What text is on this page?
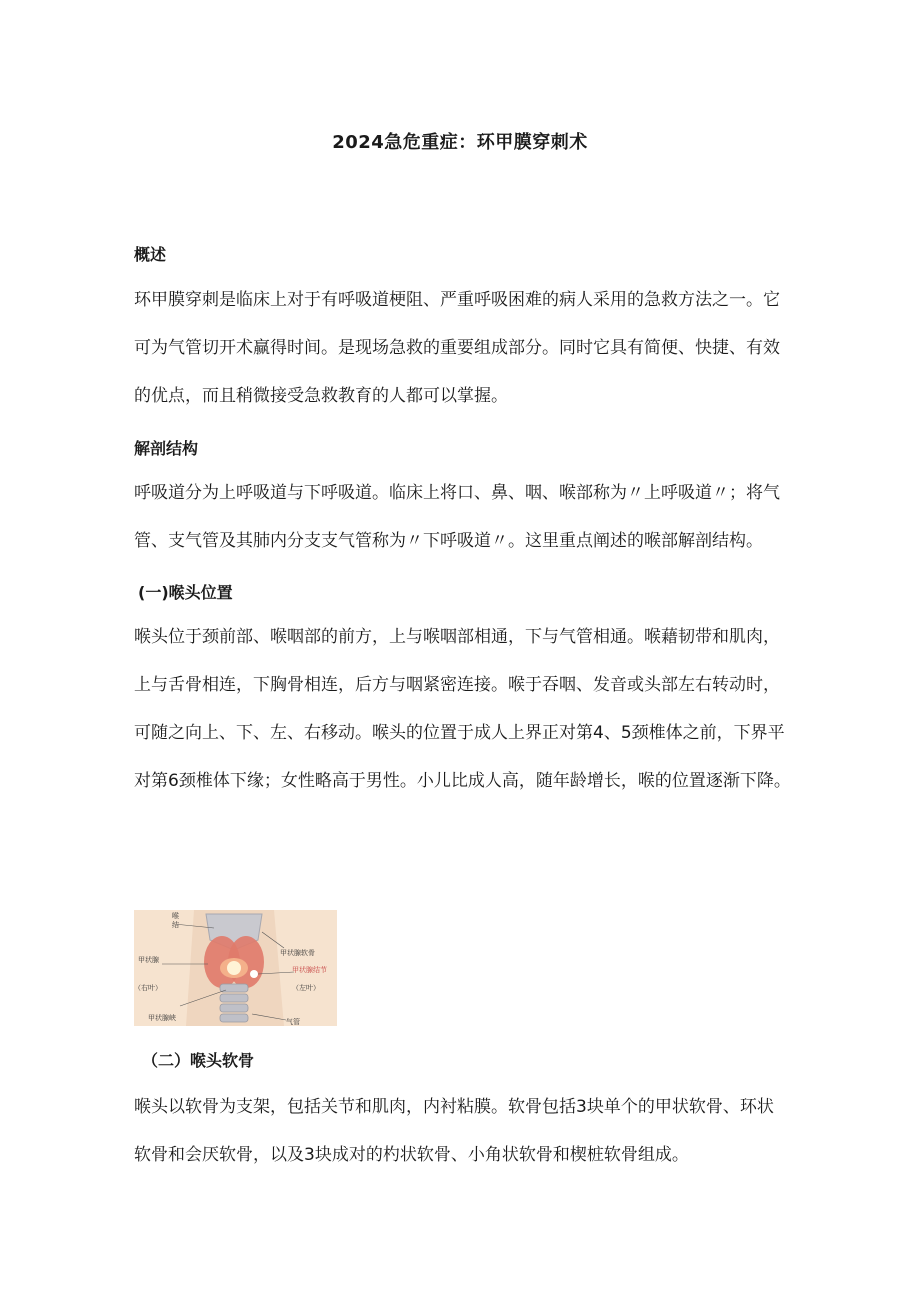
2024急危重症：环甲膜穿刺术
概述
环甲膜穿刺是临床上对于有呼吸道梗阻、严重呼吸困难的病人采用的急救方法之一。它
可为气管切开术赢得时间。是现场急救的重要组成部分。同时它具有简便、快捷、有效
的优点，而且稍微接受急救教育的人都可以掌握。
解剖结构
呼吸道分为上呼吸道与下呼吸道。临床上将口、鼻、咽、喉部称为〃上呼吸道〃；将气
管、支气管及其肺内分支支气管称为〃下呼吸道〃。这里重点阐述的喉部解剖结构。
(一)喉头位置
喉头位于颈前部、喉咽部的前方，上与喉咽部相通，下与气管相通。喉藉韧带和肌肉，
上与舌骨相连，下胸骨相连，后方与咽紧密连接。喉于吞咽、发音或头部左右转动时，
可随之向上、下、左、右移动。喉头的位置于成人上界正对第4、5颈椎体之前，下界平
对第6颈椎体下缘；女性略高于男性。小儿比成人高，随年龄增长，喉的位置逐渐下降。
喉
结
甲状腺软骨
甲状腺结节
甲状腺
（右叶）	（左叶）
甲状腺峡	气管
（二）喉头软骨
喉头以软骨为支架，包括关节和肌肉，内衬粘膜。软骨包括3块单个的甲状软骨、环状
软骨和会厌软骨，以及3块成对的杓状软骨、小角状软骨和楔桩软骨组成。
